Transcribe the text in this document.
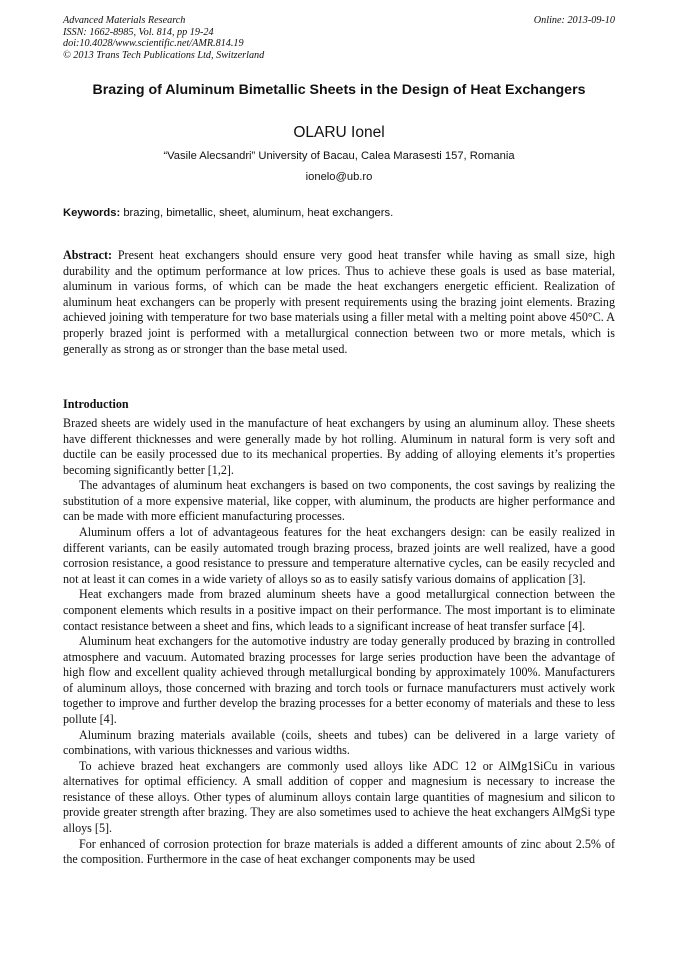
Advanced Materials Research
ISSN: 1662-8985, Vol. 814, pp 19-24
doi:10.4028/www.scientific.net/AMR.814.19
© 2013 Trans Tech Publications Ltd, Switzerland
Online: 2013-09-10
Brazing of Aluminum Bimetallic Sheets in the Design of Heat Exchangers
OLARU Ionel
“Vasile Alecsandri” University of Bacau, Calea Marasesti 157, Romania
ionelo@ub.ro
Keywords: brazing, bimetallic, sheet, aluminum, heat exchangers.
Abstract: Present heat exchangers should ensure very good heat transfer while having as small size, high durability and the optimum performance at low prices. Thus to achieve these goals is used as base material, aluminum in various forms, of which can be made the heat exchangers energetic efficient. Realization of aluminum heat exchangers can be properly with present requirements using the brazing joint elements. Brazing achieved joining with temperature for two base materials using a filler metal with a melting point above 450°C. A properly brazed joint is performed with a metallurgical connection between two or more metals, which is generally as strong as or stronger than the base metal used.
Introduction

Brazed sheets are widely used in the manufacture of heat exchangers by using an aluminum alloy. These sheets have different thicknesses and were generally made by hot rolling. Aluminum in natural form is very soft and ductile can be easily processed due to its mechanical properties. By adding of alloying elements it’s properties becoming significantly better [1,2].

The advantages of aluminum heat exchangers is based on two components, the cost savings by realizing the substitution of a more expensive material, like copper, with aluminum, the products are higher performance and can be made with more efficient manufacturing processes.

Aluminum offers a lot of advantageous features for the heat exchangers design: can be easily realized in different variants, can be easily automated trough brazing process, brazed joints are well realized, have a good corrosion resistance, a good resistance to pressure and temperature alternative cycles, can be easily recycled and not at least it can comes in a wide variety of alloys so as to easily satisfy various domains of application [3].

Heat exchangers made from brazed aluminum sheets have a good metallurgical connection between the component elements which results in a positive impact on their performance. The most important is to eliminate contact resistance between a sheet and fins, which leads to a significant increase of heat transfer surface [4].

Aluminum heat exchangers for the automotive industry are today generally produced by brazing in controlled atmosphere and vacuum. Automated brazing processes for large series production have been the advantage of high flow and excellent quality achieved through metallurgical bonding by approximately 100%. Manufacturers of aluminum alloys, those concerned with brazing and torch tools or furnace manufacturers must actively work together to improve and further develop the brazing processes for a better economy of materials and these to less pollute [4].

Aluminum brazing materials available (coils, sheets and tubes) can be delivered in a large variety of combinations, with various thicknesses and various widths.

To achieve brazed heat exchangers are commonly used alloys like ADC 12 or AlMg1SiCu in various alternatives for optimal efficiency. A small addition of copper and magnesium is necessary to increase the resistance of these alloys. Other types of aluminum alloys contain large quantities of magnesium and silicon to provide greater strength after brazing. They are also sometimes used to achieve the heat exchangers AlMgSi type alloys [5].

For enhanced of corrosion protection for braze materials is added a different amounts of zinc about 2.5% of the composition. Furthermore in the case of heat exchanger components may be used
